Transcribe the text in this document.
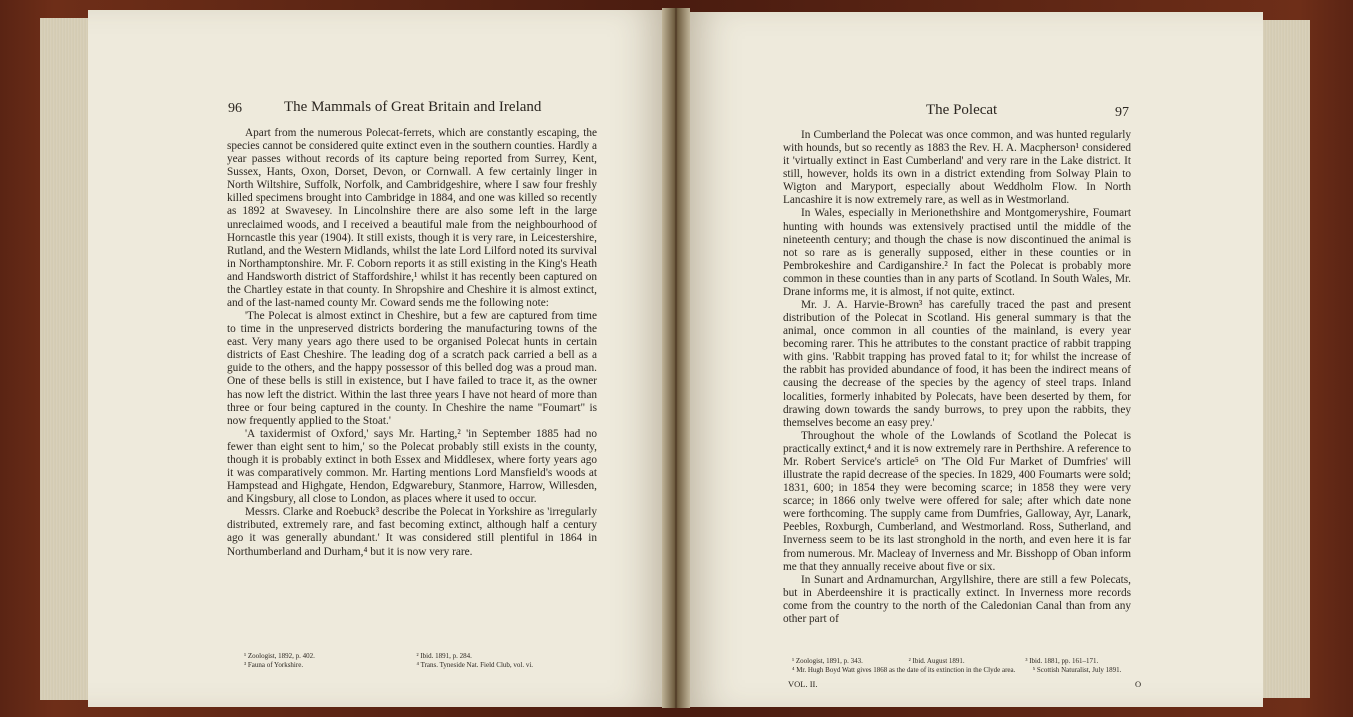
96	The Mammals of Great Britain and Ireland

Apart from the numerous Polecat-ferrets, which are constantly escaping, the species cannot be considered quite extinct even in the southern counties. Hardly a year passes without records of its capture being reported from Surrey, Kent, Sussex, Hants, Oxon, Dorset, Devon, or Cornwall. A few certainly linger in North Wiltshire, Suffolk, Norfolk, and Cambridgeshire, where I saw four freshly killed specimens brought into Cambridge in 1884, and one was killed so recently as 1892 at Swavesey. In Lincolnshire there are also some left in the large unreclaimed woods, and I received a beautiful male from the neighbourhood of Horncastle this year (1904). It still exists, though it is very rare, in Leicestershire, Rutland, and the Western Midlands, whilst the late Lord Lilford noted its survival in Northamptonshire. Mr. F. Coborn reports it as still existing in the King's Heath and Handsworth district of Staffordshire,¹ whilst it has recently been captured on the Chartley estate in that county. In Shropshire and Cheshire it is almost extinct, and of the last-named county Mr. Coward sends me the following note:

'The Polecat is almost extinct in Cheshire, but a few are captured from time to time in the unpreserved districts bordering the manufacturing towns of the east. Very many years ago there used to be organised Polecat hunts in certain districts of East Cheshire. The leading dog of a scratch pack carried a bell as a guide to the others, and the happy possessor of this belled dog was a proud man. One of these bells is still in existence, but I have failed to trace it, as the owner has now left the district. Within the last three years I have not heard of more than three or four being captured in the county. In Cheshire the name "Foumart" is now frequently applied to the Stoat.'

'A taxidermist of Oxford,' says Mr. Harting,² 'in September 1885 had no fewer than eight sent to him,' so the Polecat probably still exists in the county, though it is probably extinct in both Essex and Middlesex, where forty years ago it was comparatively common. Mr. Harting mentions Lord Mansfield's woods at Hampstead and Highgate, Hendon, Edgwarebury, Stanmore, Harrow, Willesden, and Kingsbury, all close to London, as places where it used to occur.

Messrs. Clarke and Roebuck³ describe the Polecat in Yorkshire as 'irregularly distributed, extremely rare, and fast becoming extinct, although half a century ago it was generally abundant.' It was considered still plentiful in 1864 in Northumberland and Durham,⁴ but it is now very rare.

¹ Zoologist, 1892, p. 402.	² Ibid. 1891, p. 284.
³ Fauna of Yorkshire.	⁴ Trans. Tyneside Nat. Field Club, vol. vi.
The Polecat	97

In Cumberland the Polecat was once common, and was hunted regularly with hounds, but so recently as 1883 the Rev. H. A. Macpherson¹ considered it 'virtually extinct in East Cumberland' and very rare in the Lake district. It still, however, holds its own in a district extending from Solway Plain to Wigton and Maryport, especially about Weddholm Flow. In North Lancashire it is now extremely rare, as well as in Westmorland.

In Wales, especially in Merionethshire and Montgomeryshire, Foumart hunting with hounds was extensively practised until the middle of the nineteenth century; and though the chase is now discontinued the animal is not so rare as is generally supposed, either in these counties or in Pembrokeshire and Cardiganshire.² In fact the Polecat is probably more common in these counties than in any parts of Scotland. In South Wales, Mr. Drane informs me, it is almost, if not quite, extinct.

Mr. J. A. Harvie-Brown³ has carefully traced the past and present distribution of the Polecat in Scotland. His general summary is that the animal, once common in all counties of the mainland, is every year becoming rarer. This he attributes to the constant practice of rabbit trapping with gins. 'Rabbit trapping has proved fatal to it; for whilst the increase of the rabbit has provided abundance of food, it has been the indirect means of causing the decrease of the species by the agency of steel traps. Inland localities, formerly inhabited by Polecats, have been deserted by them, for drawing down towards the sandy burrows, to prey upon the rabbits, they themselves become an easy prey.'

Throughout the whole of the Lowlands of Scotland the Polecat is practically extinct,⁴ and it is now extremely rare in Perthshire. A reference to Mr. Robert Service's article⁵ on 'The Old Fur Market of Dumfries' will illustrate the rapid decrease of the species. In 1829, 400 Foumarts were sold; 1831, 600; in 1854 they were becoming scarce; in 1858 they were very scarce; in 1866 only twelve were offered for sale; after which date none were forthcoming. The supply came from Dumfries, Galloway, Ayr, Lanark, Peebles, Roxburgh, Cumberland, and Westmorland. Ross, Sutherland, and Inverness seem to be its last stronghold in the north, and even here it is far from numerous. Mr. Macleay of Inverness and Mr. Bisshopp of Oban inform me that they annually receive about five or six.

In Sunart and Ardnamurchan, Argyllshire, there are still a few Polecats, but in Aberdeenshire it is practically extinct. In Inverness more records come from the country to the north of the Caledonian Canal than from any other part of

¹ Zoologist, 1891, p. 343.	² Ibid. August 1891.	³ Ibid. 1881, pp. 161–171.
⁴ Mr. Hugh Boyd Watt gives 1868 as the date of its extinction in the Clyde area.	⁵ Scottish Naturalist, July 1891.
VOL. II.	O
